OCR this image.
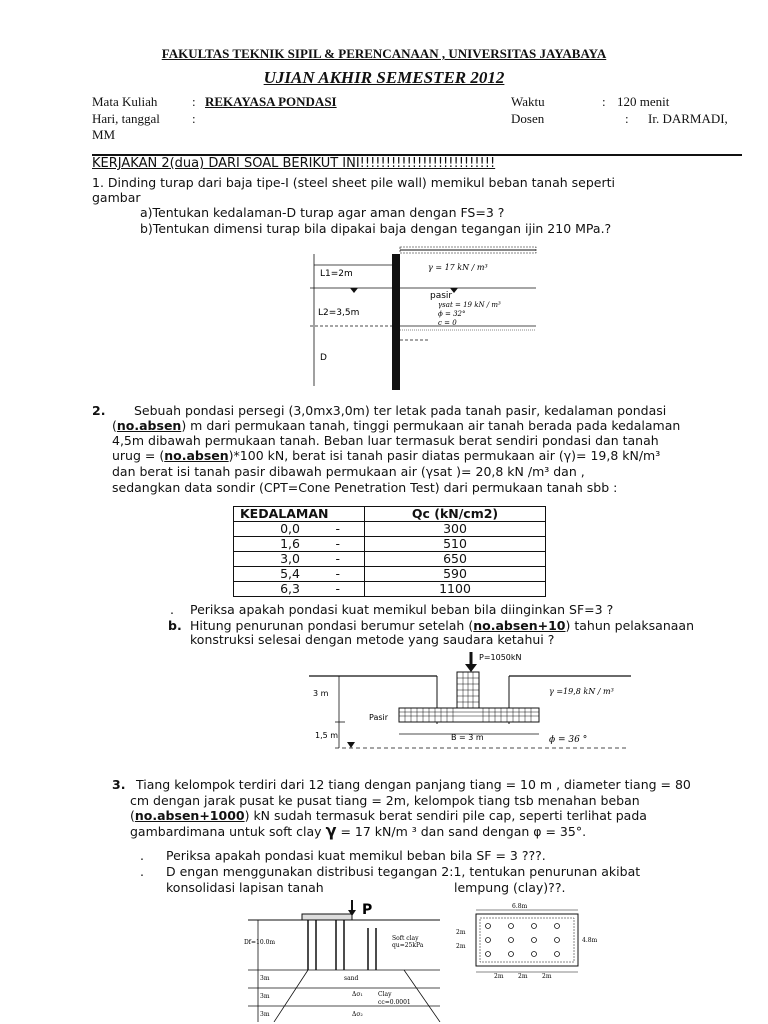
FAKULTAS TEKNIK SIPIL & PERENCANAAN , UNIVERSITAS JAYABAYA
UJIAN AKHIR SEMESTER 2012
Mata Kuliah	: REKAYASA PONDASI	Waktu	: 120 menit
Hari, tanggal :	Dosen	: Ir. DARMADI,
MM
KERJAKAN 2(dua) DARI SOAL BERIKUT INI!!!!!!!!!!!!!!!!!!!!!!!!!!
1. Dinding turap dari baja tipe-I (steel sheet pile wall) memikul beban tanah seperti
gambar
a)Tentukan kedalaman-D turap agar aman dengan FS=3 ?
b)Tentukan dimensi turap bila dipakai baja dengan tegangan ijin 210 MPa.?
L1=2m
L2=3,5m
D
γ = 17 kN / m³
pasir
γsat = 19 kN / m³
ϕ = 32°
c = 0
2. Sebuah pondasi persegi (3,0mx3,0m) ter letak pada tanah pasir, kedalaman pondasi
(no.absen) m dari permukaan tanah, tinggi permukaan air tanah berada pada kedalaman
4,5m dibawah permukaan tanah. Beban luar termasuk berat sendiri pondasi dan tanah
urug = (no.absen)*100 kN, berat isi tanah pasir diatas permukaan air (γ)= 19,8 kN/m³
dan berat isi tanah pasir dibawah permukaan air (γsat )= 20,8 kN /m³ dan ,
sedangkan data sondir (CPT=Cone Penetration Test) dari permukaan tanah sbb :
KEDALAMAN	Qc (kN/cm2)
0,0 -	300
1,6 -	510
3,0 -	650
5,4 -	590
6,3 -	1100
. Periksa apakah pondasi kuat memikul beban bila diinginkan SF=3 ?
b. Hitung penurunan pondasi berumur setelah (no.absen+10) tahun pelaksanaan
konstruksi selesai dengan metode yang saudara ketahui ?
P=1050kN
3 m
Pasir
1,5 m
γ =19,8 kN / m³
B = 3 m	ϕ = 36 °
3. Tiang kelompok terdiri dari 12 tiang dengan panjang tiang = 10 m , diameter tiang = 80
cm dengan jarak pusat ke pusat tiang = 2m, kelompok tiang tsb menahan beban
(no.absen+1000) kN sudah termasuk berat sendiri pile cap, seperti terlihat pada
gambardimana untuk soft clay γ = 17 kN/m ³ dan sand dengan φ = 35°.
. Periksa apakah pondasi kuat memikul beban bila SF = 3 ???.
. D engan menggunakan distribusi tegangan 2:1, tentukan penurunan akibat
konsolidasi lapisan tanah	lempung (clay)??.
P
Df=10.0m
Soft clay
qu=25kPa
3m	sand
3m	Δσ₁	Clay
cc=0.0001
3m	Δσ₂
6.8m
4.8m
2m
2m
2m 2m 2m
